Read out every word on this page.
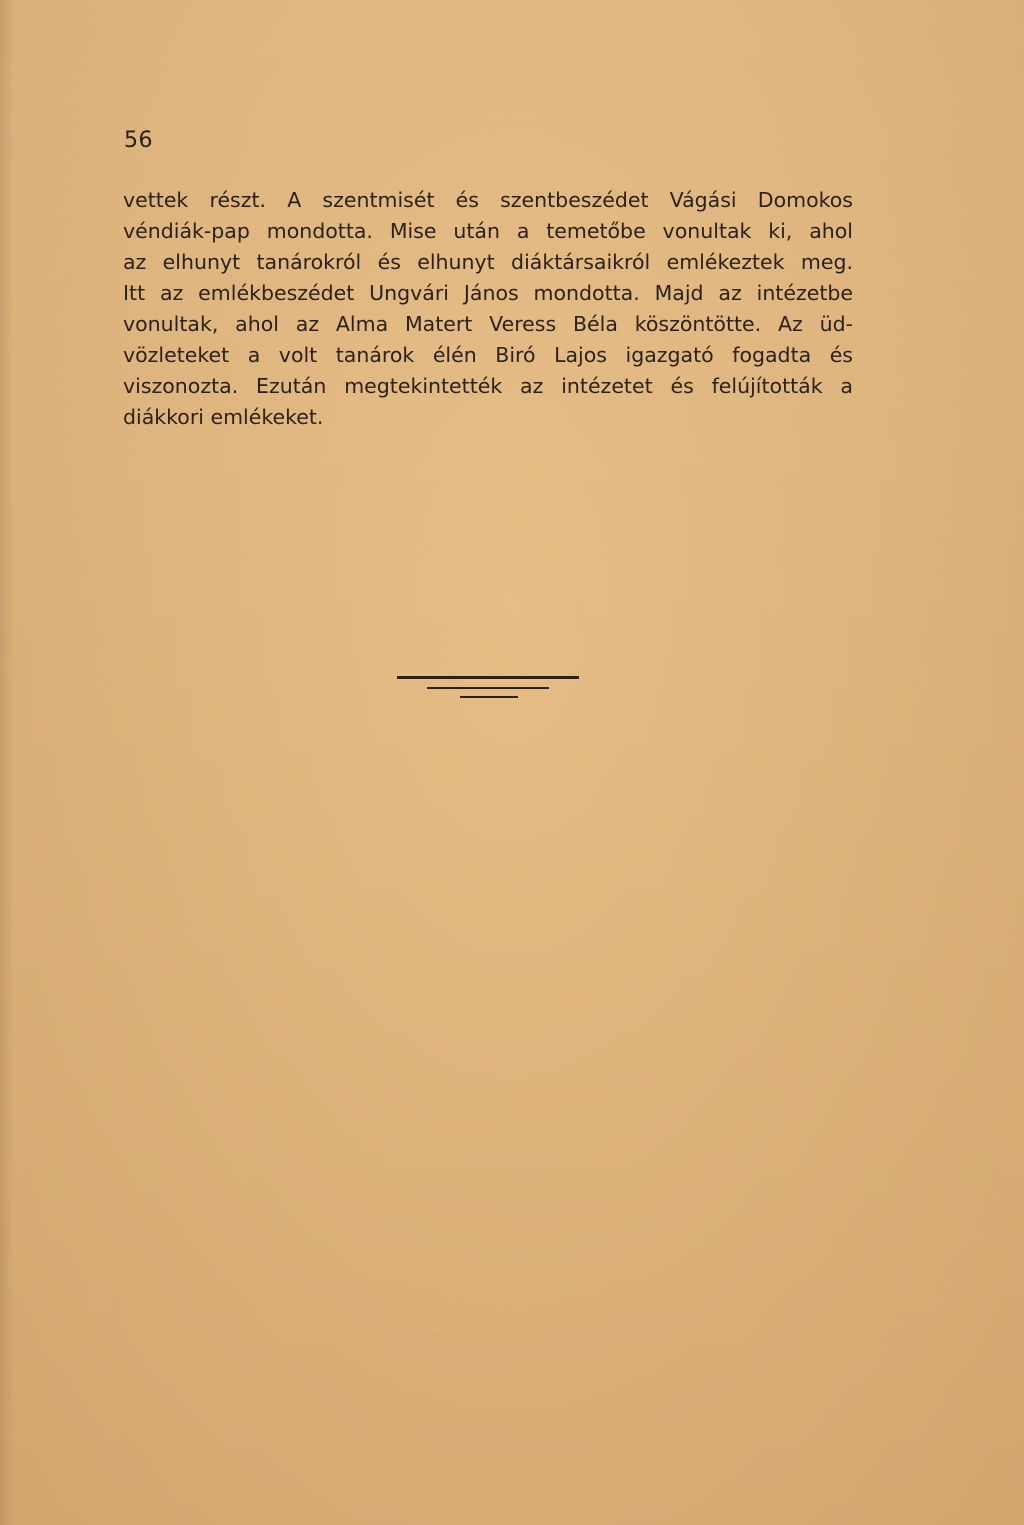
56

vettek részt. A szentmisét és szentbeszédet Vágási Domokos
véndiák-pap mondotta. Mise után a temetőbe vonultak ki, ahol
az elhunyt tanárokról és elhunyt diáktársaikról emlékeztek meg.
Itt az emlékbeszédet Ungvári János mondotta. Majd az intézetbe
vonultak, ahol az Alma Matert Veress Béla köszöntötte. Az üd-
vözleteket a volt tanárok élén Biró Lajos igazgató fogadta és
viszonozta. Ezután megtekintették az intézetet és felújították a
diákkori emlékeket.
